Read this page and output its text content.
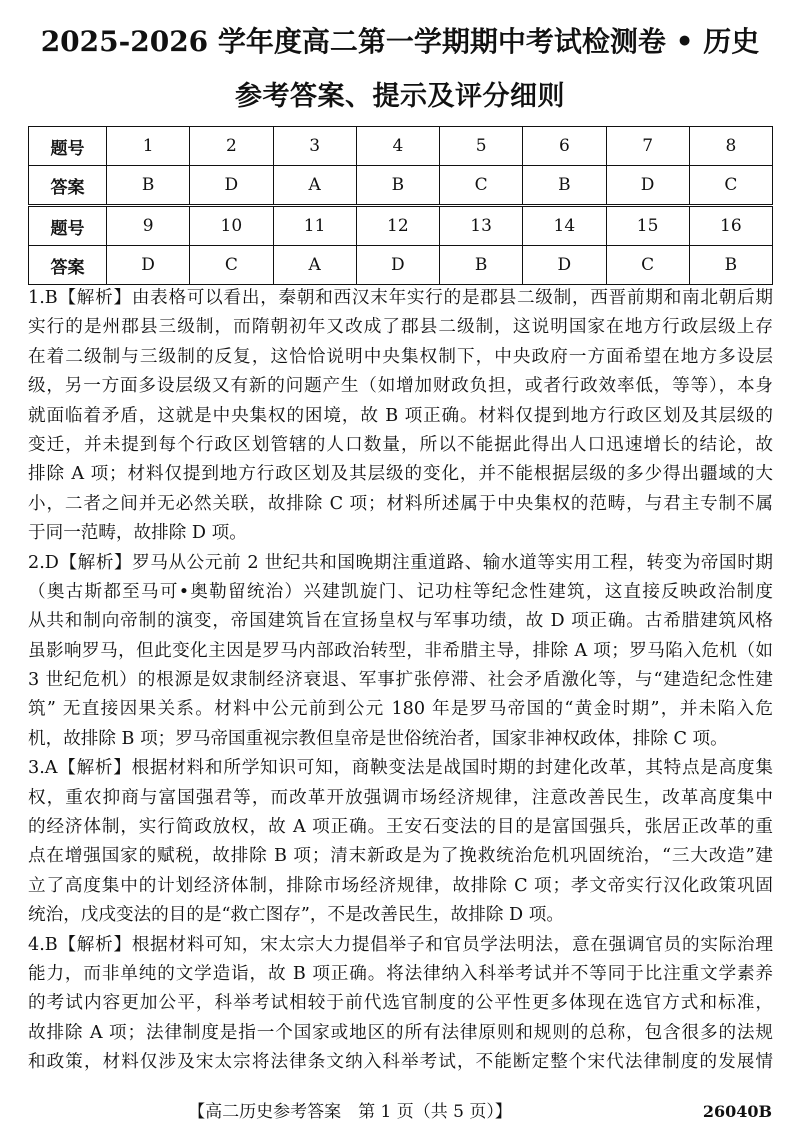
2025-2026 学年度高二第一学期期中考试检测卷 • 历史
参考答案、提示及评分细则
题号	1	2	3	4	5	6	7	8
答案	B	D	A	B	C	B	D	C
题号	9	10	11	12	13	14	15	16
答案	D	C	A	D	B	D	C	B
1.B【解析】由表格可以看出，秦朝和西汉末年实行的是郡县二级制，西晋前期和南北朝后期
实行的是州郡县三级制，而隋朝初年又改成了郡县二级制，这说明国家在地方行政层级上存
在着二级制与三级制的反复，这恰恰说明中央集权制下，中央政府一方面希望在地方多设层
级，另一方面多设层级又有新的问题产生（如增加财政负担，或者行政效率低，等等），本身
就面临着矛盾，这就是中央集权的困境，故 B 项正确。材料仅提到地方行政区划及其层级的
变迁，并未提到每个行政区划管辖的人口数量，所以不能据此得出人口迅速增长的结论，故
排除 A 项；材料仅提到地方行政区划及其层级的变化，并不能根据层级的多少得出疆域的大
小，二者之间并无必然关联，故排除 C 项；材料所述属于中央集权的范畴，与君主专制不属
于同一范畴，故排除 D 项。
2.D【解析】罗马从公元前 2 世纪共和国晚期注重道路、输水道等实用工程，转变为帝国时期
（奥古斯都至马可•奥勒留统治）兴建凯旋门、记功柱等纪念性建筑，这直接反映政治制度
从共和制向帝制的演变，帝国建筑旨在宣扬皇权与军事功绩，故 D 项正确。古希腊建筑风格
虽影响罗马，但此变化主因是罗马内部政治转型，非希腊主导，排除 A 项；罗马陷入危机（如
3 世纪危机）的根源是奴隶制经济衰退、军事扩张停滞、社会矛盾激化等，与“建造纪念性建
筑” 无直接因果关系。材料中公元前到公元 180 年是罗马帝国的“黄金时期”，并未陷入危
机，故排除 B 项；罗马帝国重视宗教但皇帝是世俗统治者，国家非神权政体，排除 C 项。
3.A【解析】根据材料和所学知识可知，商鞅变法是战国时期的封建化改革，其特点是高度集
权，重农抑商与富国强君等，而改革开放强调市场经济规律，注意改善民生，改革高度集中
的经济体制，实行简政放权，故 A 项正确。王安石变法的目的是富国强兵，张居正改革的重
点在增强国家的赋税，故排除 B 项；清末新政是为了挽救统治危机巩固统治，“三大改造”建
立了高度集中的计划经济体制，排除市场经济规律，故排除 C 项；孝文帝实行汉化政策巩固
统治，戊戌变法的目的是“救亡图存”，不是改善民生，故排除 D 项。
4.B【解析】根据材料可知，宋太宗大力提倡举子和官员学法明法，意在强调官员的实际治理
能力，而非单纯的文学造诣，故 B 项正确。将法律纳入科举考试并不等同于比注重文学素养
的考试内容更加公平，科举考试相较于前代选官制度的公平性更多体现在选官方式和标准，
故排除 A 项；法律制度是指一个国家或地区的所有法律原则和规则的总称，包含很多的法规
和政策，材料仅涉及宋太宗将法律条文纳入科举考试，不能断定整个宋代法律制度的发展情
【高二历史参考答案　第 1 页（共 5 页）】	26040B
